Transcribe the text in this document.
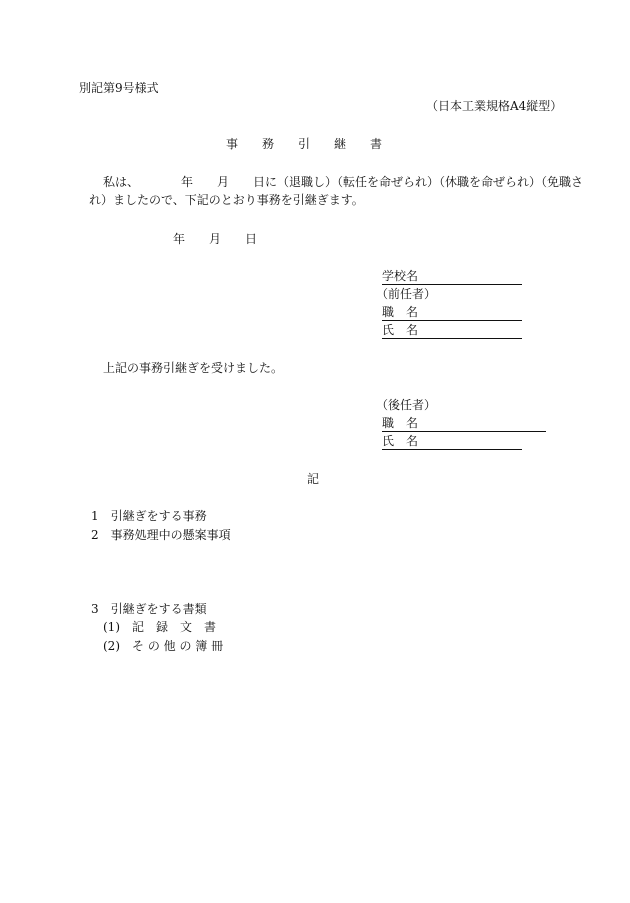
別記第9号様式
（日本工業規格A4縦型）
事　　務　　引　　継　　書
私は、　　　　年　　月　　日に（退職し）（転任を命ぜられ）（休職を命ぜられ）（免職さ
れ）ましたので、下記のとおり事務を引継ぎます。
年　　月　　日
学校名
（前任者）
職　名
氏　名
上記の事務引継ぎを受けました。
（後任者）
職　名
氏　名
記
1　引継ぎをする事務
2　事務処理中の懸案事項
3　引継ぎをする書類
(1)　記　録　文　書
(2)　そ の 他 の 簿 冊
